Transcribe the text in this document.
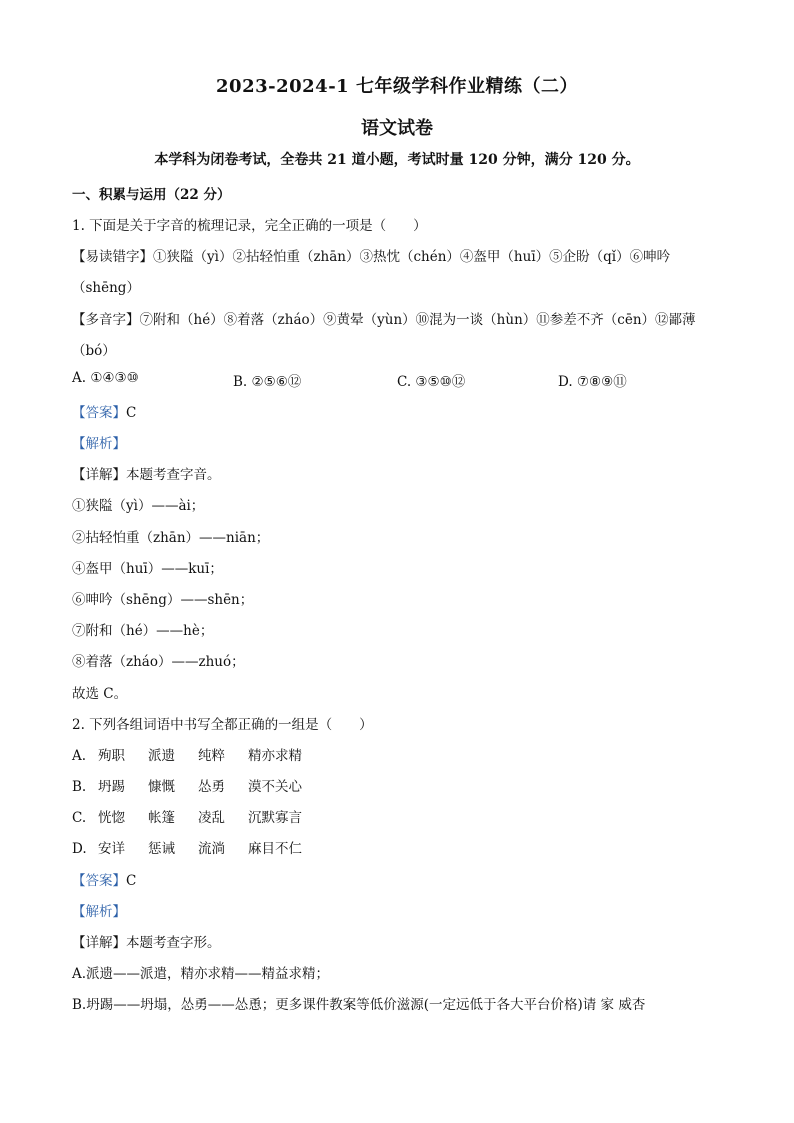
2023-2024-1 七年级学科作业精练（二）
语文试卷
本学科为闭卷考试，全卷共 21 道小题，考试时量 120 分钟，满分 120 分。
一、积累与运用（22 分）
1. 下面是关于字音的梳理记录，完全正确的一项是（　　）
【易读错字】①狭隘（yì）②拈轻怕重（zhān）③热忱（chén）④盔甲（huī）⑤企盼（qǐ）⑥呻吟
（shēng）
【多音字】⑦附和（hé）⑧着落（zháo）⑨黄晕（yùn）⑩混为一谈（hùn）⑪参差不齐（cēn）⑫鄙薄
（bó）
A. ①④③⑩	B. ②⑤⑥⑫	C. ③⑤⑩⑫	D. ⑦⑧⑨⑪
【答案】C
【解析】
【详解】本题考查字音。
①狭隘（yì）——ài；
②拈轻怕重（zhān）——niān；
④盔甲（huī）——kuī；
⑥呻吟（shēng）——shēn；
⑦附和（hé）——hè；
⑧着落（zháo）——zhuó；
故选 C。
2. 下列各组词语中书写全都正确的一组是（　　）
A. 殉职 派遗 纯粹 精亦求精
B. 坍踢 慷慨 怂勇 漠不关心
C. 恍惚 帐篷 凌乱 沉默寡言
D. 安详 惩诫 流淌 麻目不仁
【答案】C
【解析】
【详解】本题考查字形。
A.派遗——派遣，精亦求精——精益求精；
B.坍踢——坍塌，怂勇——怂恿；更多课件教案等低价滋源(一定远低于各大平台价格)请 家 威杏
